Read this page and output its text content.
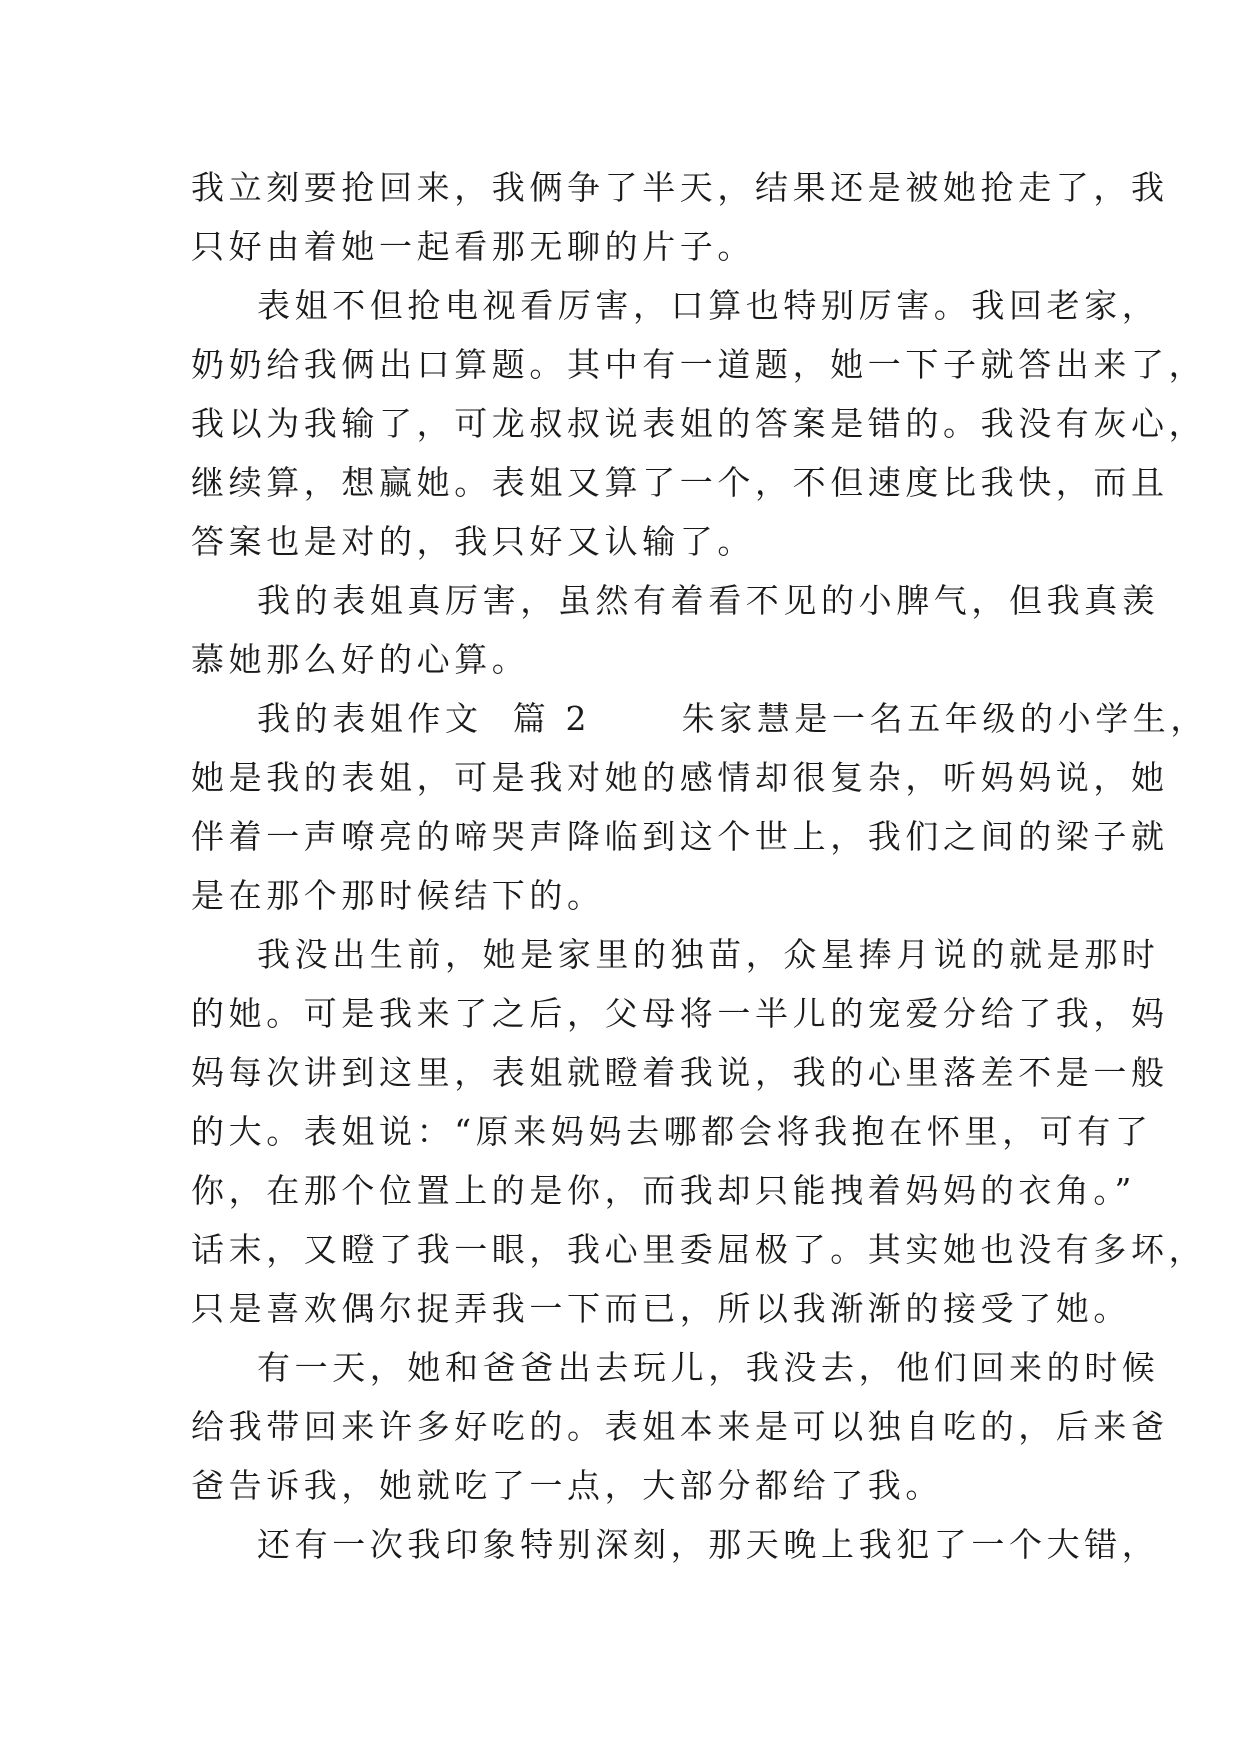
我立刻要抢回来，我俩争了半天，结果还是被她抢走了，我
只好由着她一起看那无聊的片子。
表姐不但抢电视看厉害，口算也特别厉害。我回老家，
奶奶给我俩出口算题。其中有一道题，她一下子就答出来了，
我以为我输了，可龙叔叔说表姐的答案是错的。我没有灰心，
继续算，想赢她。表姐又算了一个，不但速度比我快，而且
答案也是对的，我只好又认输了。
我的表姐真厉害，虽然有着看不见的小脾气，但我真羡
慕她那么好的心算。
我的表姐作文  篇 2      朱家慧是一名五年级的小学生，
她是我的表姐，可是我对她的感情却很复杂，听妈妈说，她
伴着一声嘹亮的啼哭声降临到这个世上，我们之间的梁子就
是在那个那时候结下的。
我没出生前，她是家里的独苗，众星捧月说的就是那时
的她。可是我来了之后，父母将一半儿的宠爱分给了我，妈
妈每次讲到这里，表姐就瞪着我说，我的心里落差不是一般
的大。表姐说：“原来妈妈去哪都会将我抱在怀里，可有了
你，在那个位置上的是你，而我却只能拽着妈妈的衣角。”
话末，又瞪了我一眼，我心里委屈极了。其实她也没有多坏，
只是喜欢偶尔捉弄我一下而已，所以我渐渐的接受了她。
有一天，她和爸爸出去玩儿，我没去，他们回来的时候
给我带回来许多好吃的。表姐本来是可以独自吃的，后来爸
爸告诉我，她就吃了一点，大部分都给了我。
还有一次我印象特别深刻，那天晚上我犯了一个大错，
